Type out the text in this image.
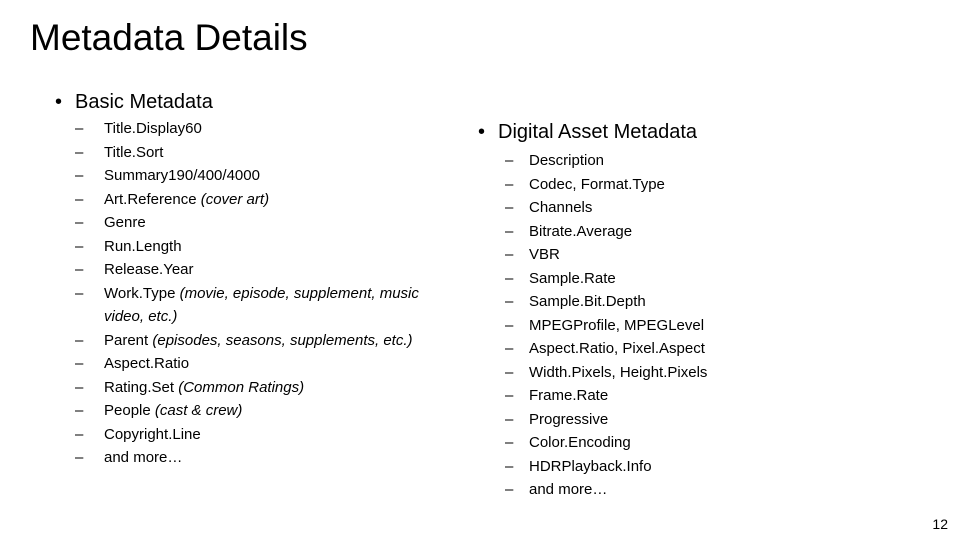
Metadata Details
• Basic Metadata
–	Title.Display60
–	Title.Sort
–	Summary190/400/4000
–	Art.Reference (cover art)
–	Genre
–	Run.Length
–	Release.Year
–	Work.Type (movie, episode, supplement, music video, etc.)
–	Parent (episodes, seasons, supplements, etc.)
–	Aspect.Ratio
–	Rating.Set (Common Ratings)
–	People (cast & crew)
–	Copyright.Line
–	and more…
• Digital Asset Metadata
–	Description
–	Codec, Format.Type
–	Channels
–	Bitrate.Average
–	VBR
–	Sample.Rate
–	Sample.Bit.Depth
–	MPEGProfile, MPEGLevel
–	Aspect.Ratio, Pixel.Aspect
–	Width.Pixels, Height.Pixels
–	Frame.Rate
–	Progressive
–	Color.Encoding
–	HDRPlayback.Info
–	and more…
12
